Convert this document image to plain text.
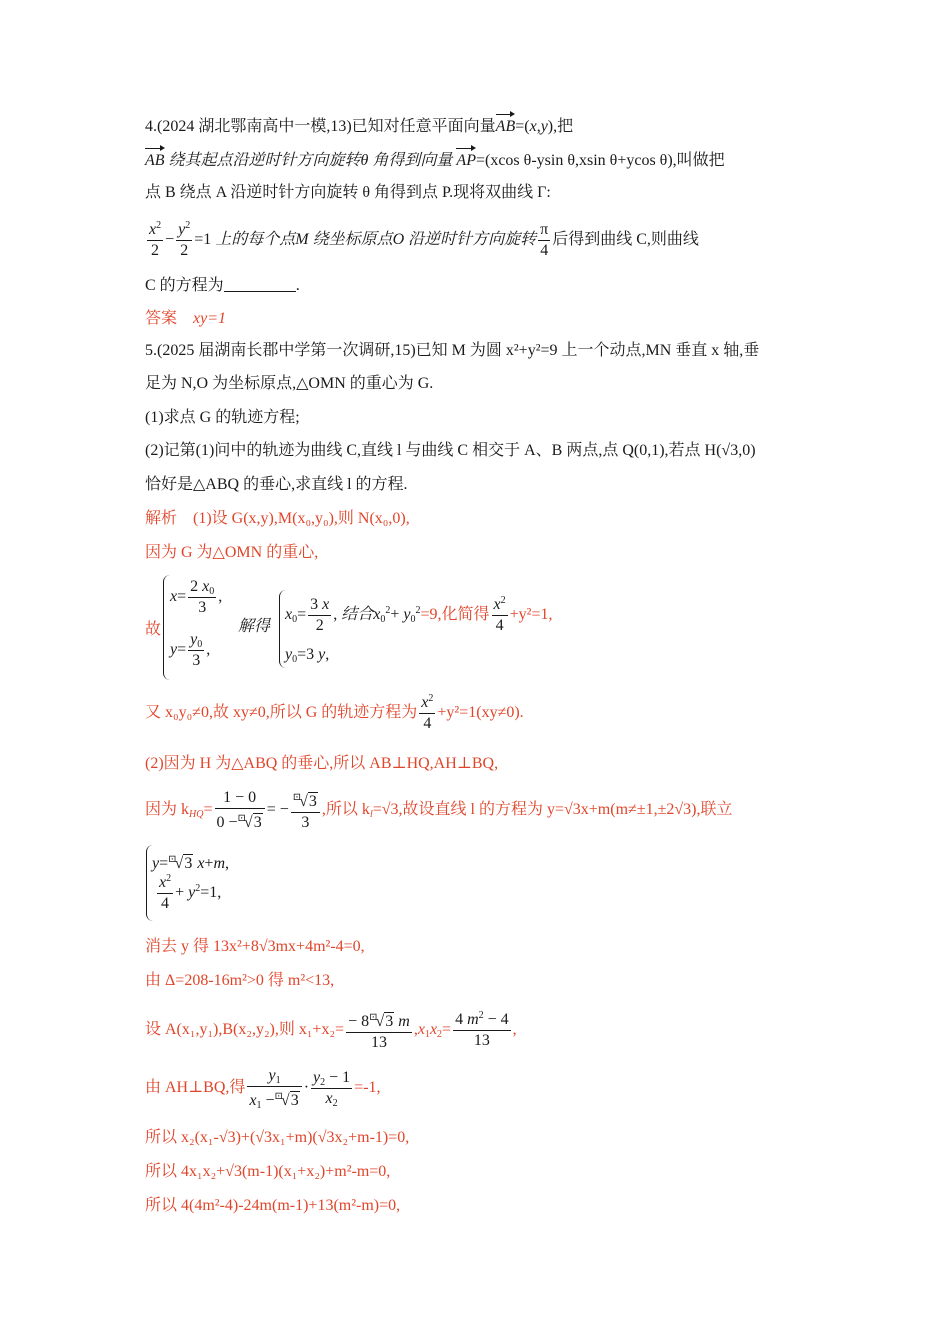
4.(2024 湖北鄂南高中一模,13)已知对任意平面向量AB=(x,y),把
AB 绕其起点沿逆时针方向旋转θ 角得到向量 AP=(xcos θ-ysin θ,xsin θ+ycos θ),叫做把
点 B 绕点 A 沿逆时针方向旋转 θ 角得到点 P.现将双曲线 Γ:
$\frac{x^2}{2} - \frac{y^2}{2} =1$ 上的每个点M 绕坐标原点O 沿逆时针方向旋转 $\frac{\pi}{4}$ 后得到曲线 C,则曲线
C 的方程为	.
答案 xy=1
5.(2025 届湖南长郡中学第一次调研,15)已知 M 为圆 x²+y²=9 上一个动点,MN 垂直 x 轴,垂
足为 N,O 为坐标原点,△OMN 的重心为 G.
(1)求点 G 的轨迹方程;
(2)记第(1)问中的轨迹为曲线 C,直线 l 与曲线 C 相交于 A、B 两点,点 Q(0,1),若点 H(√3,0)
恰好是△ABQ 的垂心,求直线 l 的方程.
解析 (1)设 G(x,y),M(x₀,y₀),则 N(x₀,0),
因为 G 为△OMN 的重心,
故
$x= \frac{2 x_0}{3}$ ,
$y= \frac{y_0}{3}$ ,
解得
$x_0= \frac{3 x}{2}$ , 结合$x_0^2+ y_0^2=9$,化简得 $\frac{x^2}{4} +y^2=1$,
$y_0=3$ y,
又 x₀y₀≠0,故 xy≠0,所以 G 的轨迹方程为 $\frac{x^2}{4} +y^2=1(xy\ne 0)$.
(2)因为 H 为△ABQ 的垂心,所以 AB⊥HQ,AH⊥BQ,
因为 $k_{HQ}= \frac{1 - 0}{0 -^⊡√3}$ = − $\frac{^⊡√3}{3}$ ,所以 $k_l=√3$,故设直线 l 的方程为 y=√3x+m(m≠±1,±2√3),联立
y=⊡√3 x+m,
$\frac{x^2}{4} + y^2=1$,
消去 y 得 13x²+8√3mx+4m²-4=0,
由 Δ=208-16m²>0 得 m²<13,
设 A(x₁,y₁),B(x₂,y₂),则 $x_1+x_2= \frac{- 8^⊡√3 m}{13} ,x_1x_2= \frac{4 m^2 - 4}{13}$ ,
由 AH⊥BQ,得 $\frac{y_1}{x_1 -^⊡√3} \cdot \frac{y_2 - 1}{x_2} =-1$,
所以 x₂(x₁-√3)+(√3x₁+m)(√3x₂+m-1)=0,
所以 4x₁x₂+√3(m-1)(x₁+x₂)+m²-m=0,
所以 4(4m²-4)-24m(m-1)+13(m²-m)=0,
